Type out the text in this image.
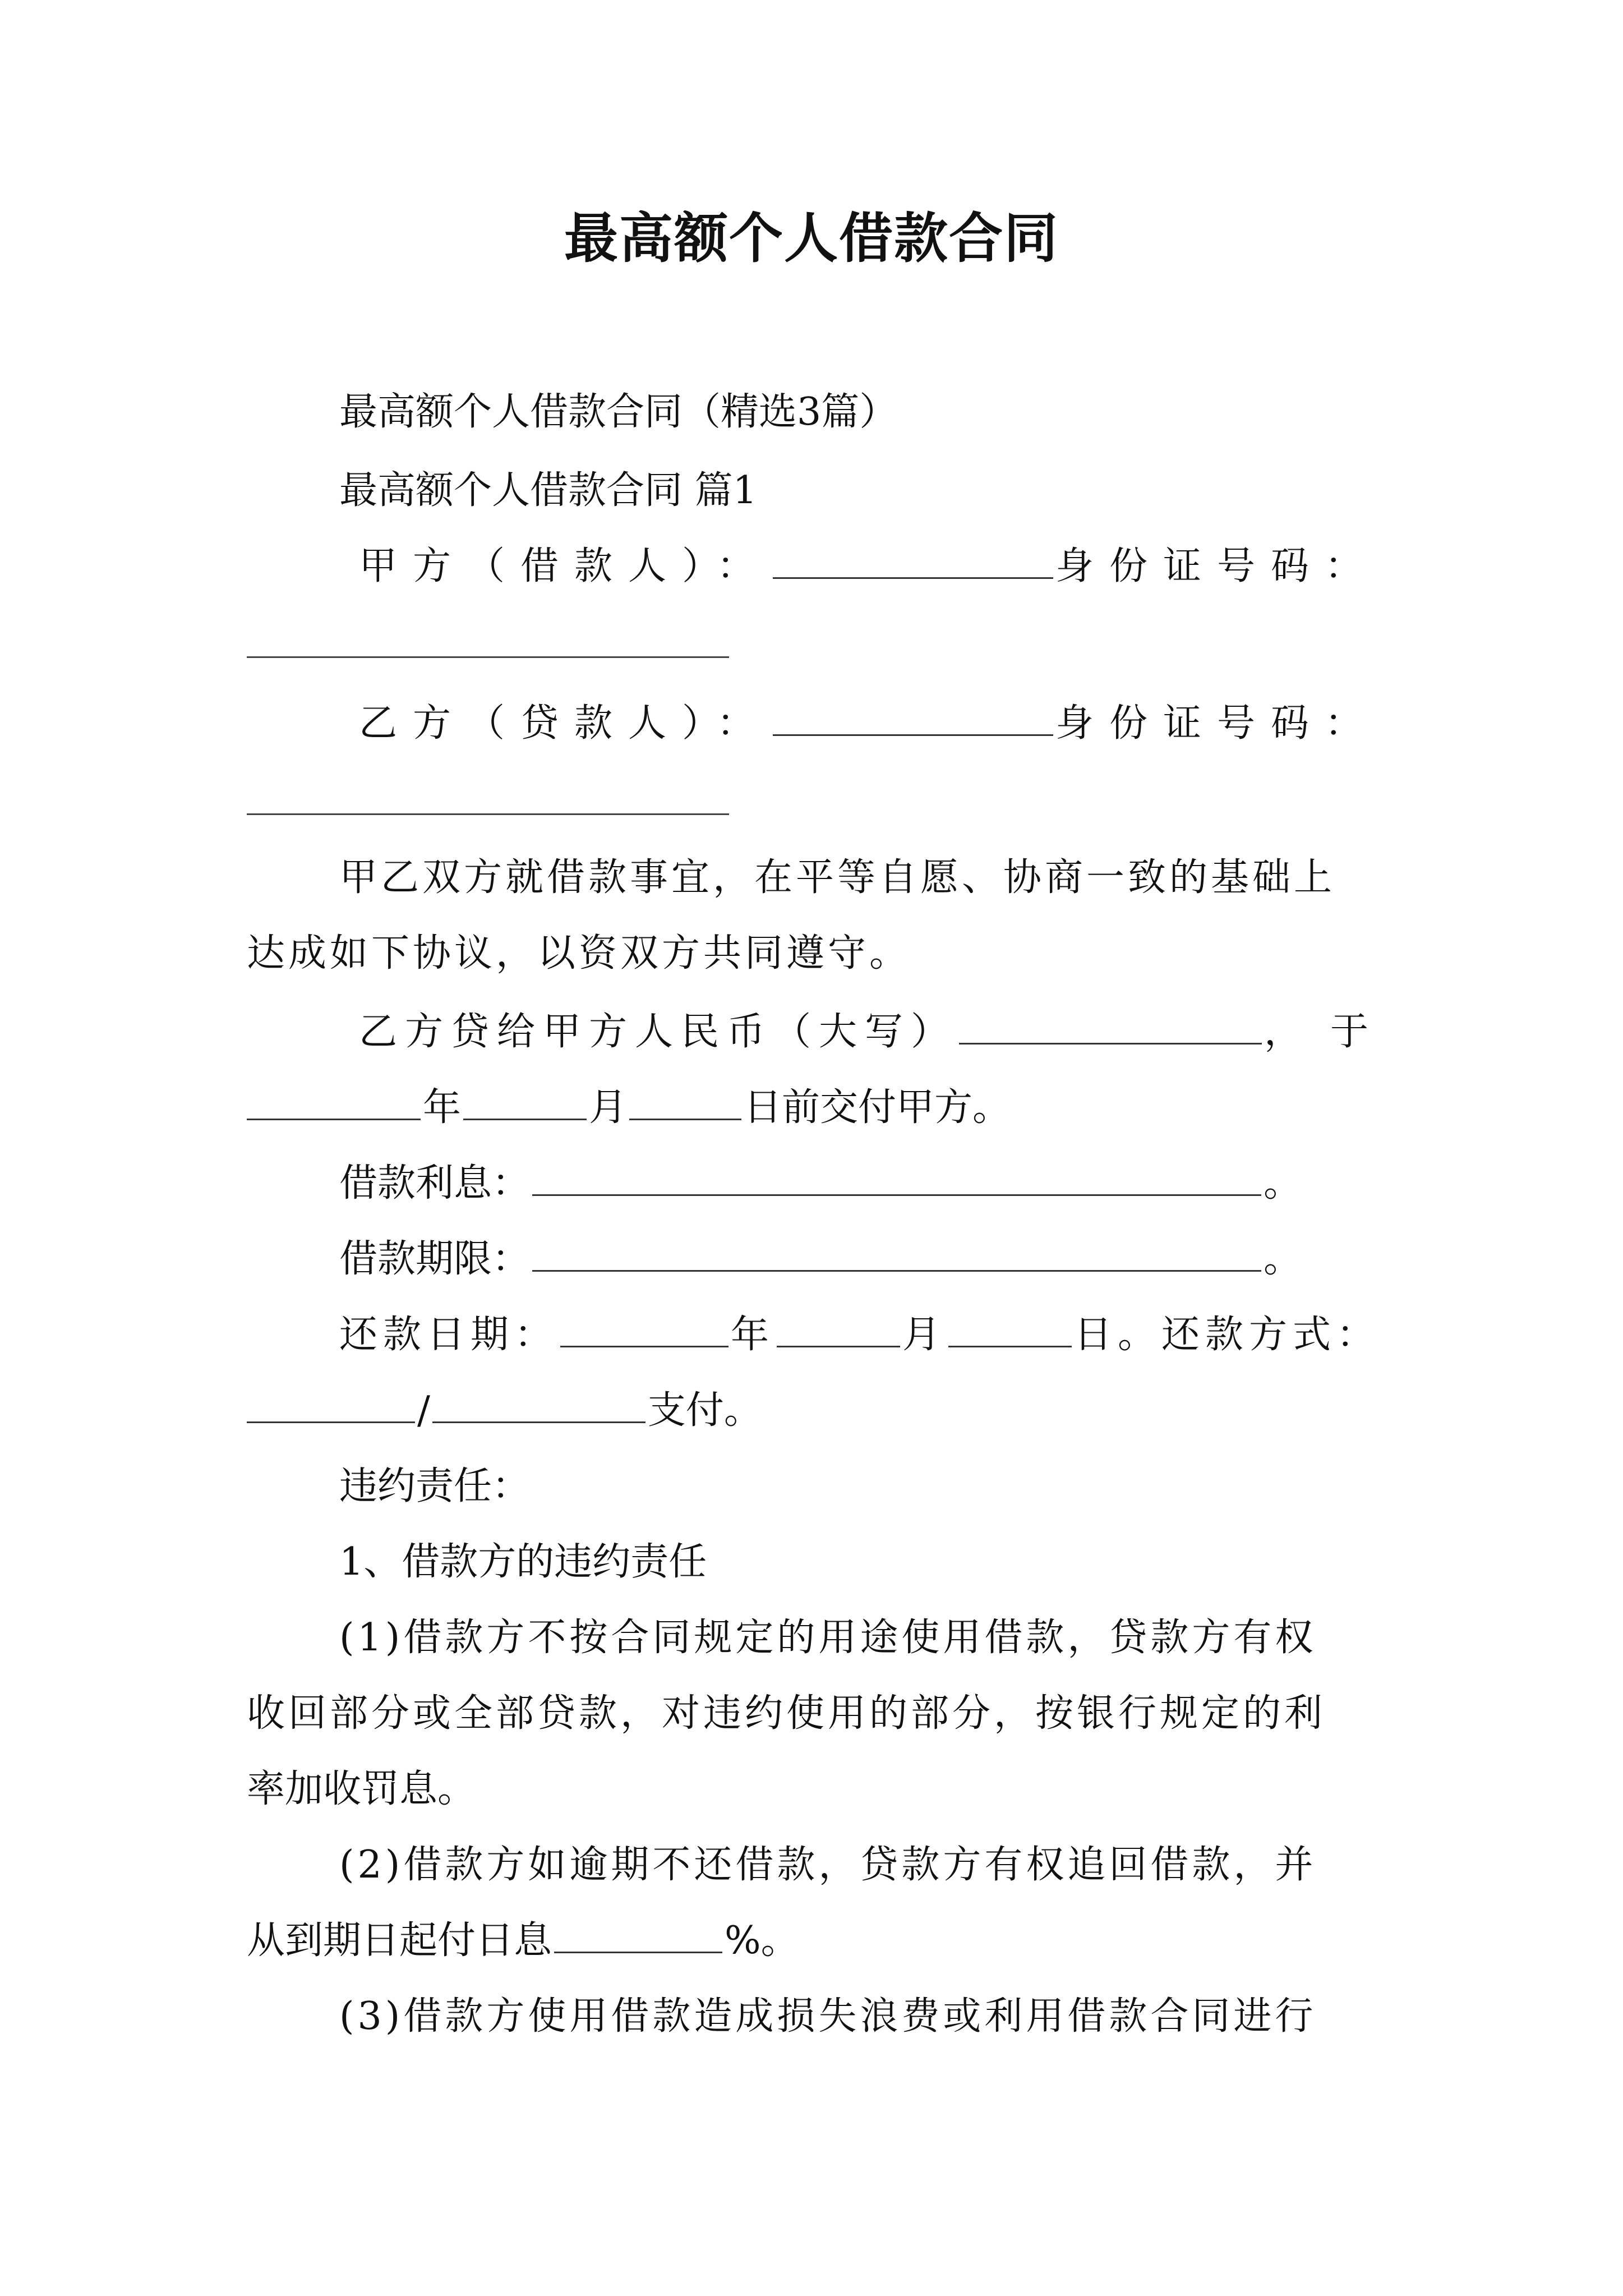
最高额个人借款合同
最高额个人借款合同（精选3篇）
最高额个人借款合同 篇1
甲方（借款人）：	身份证号码：
乙方（贷款人）：	身份证号码：
甲乙双方就借款事宜，在平等自愿、协商一致的基础上
达成如下协议，以资双方共同遵守。
乙方贷给甲方人民币（大写）	，于
年	月	日前交付甲方。
借款利息：	。
借款期限：	。
还款日期：	年	月	日。还款方式：
/	支付。
违约责任：
1、借款方的违约责任
(1)借款方不按合同规定的用途使用借款，贷款方有权
收回部分或全部贷款，对违约使用的部分，按银行规定的利
率加收罚息。
(2)借款方如逾期不还借款，贷款方有权追回借款，并
从到期日起付日息	%。
(3)借款方使用借款造成损失浪费或利用借款合同进行
